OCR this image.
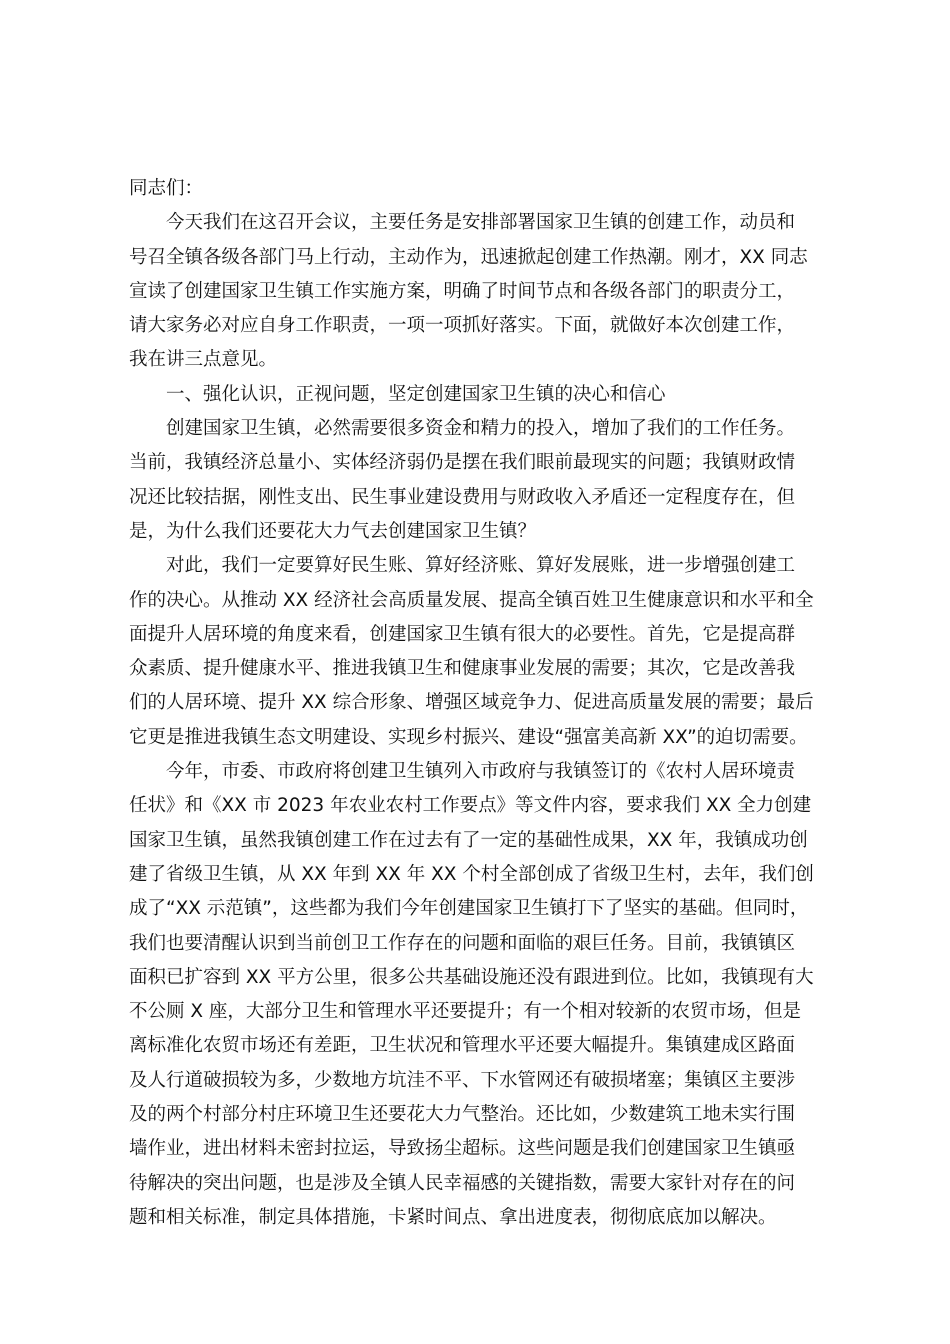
同志们：
　　今天我们在这召开会议，主要任务是安排部署国家卫生镇的创建工作，动员和
号召全镇各级各部门马上行动，主动作为，迅速掀起创建工作热潮。刚才，XX 同志
宣读了创建国家卫生镇工作实施方案，明确了时间节点和各级各部门的职责分工，
请大家务必对应自身工作职责，一项一项抓好落实。下面，就做好本次创建工作，
我在讲三点意见。
　　一、强化认识，正视问题，坚定创建国家卫生镇的决心和信心
　　创建国家卫生镇，必然需要很多资金和精力的投入，增加了我们的工作任务。
当前，我镇经济总量小、实体经济弱仍是摆在我们眼前最现实的问题；我镇财政情
况还比较拮据，刚性支出、民生事业建设费用与财政收入矛盾还一定程度存在，但
是，为什么我们还要花大力气去创建国家卫生镇？
　　对此，我们一定要算好民生账、算好经济账、算好发展账，进一步增强创建工
作的决心。从推动 XX 经济社会高质量发展、提高全镇百姓卫生健康意识和水平和全
面提升人居环境的角度来看，创建国家卫生镇有很大的必要性。首先，它是提高群
众素质、提升健康水平、推进我镇卫生和健康事业发展的需要；其次，它是改善我
们的人居环境、提升 XX 综合形象、增强区域竞争力、促进高质量发展的需要；最后
它更是推进我镇生态文明建设、实现乡村振兴、建设“强富美高新 XX”的迫切需要。
　　今年，市委、市政府将创建卫生镇列入市政府与我镇签订的《农村人居环境责
任状》和《XX 市 2023 年农业农村工作要点》等文件内容，要求我们 XX 全力创建
国家卫生镇，虽然我镇创建工作在过去有了一定的基础性成果，XX 年，我镇成功创
建了省级卫生镇，从 XX 年到 XX 年 XX 个村全部创成了省级卫生村，去年，我们创
成了“XX 示范镇”，这些都为我们今年创建国家卫生镇打下了坚实的基础。但同时，
我们也要清醒认识到当前创卫工作存在的问题和面临的艰巨任务。目前，我镇镇区
面积已扩容到 XX 平方公里，很多公共基础设施还没有跟进到位。比如，我镇现有大
不公厕 X 座，大部分卫生和管理水平还要提升；有一个相对较新的农贸市场，但是
离标准化农贸市场还有差距，卫生状况和管理水平还要大幅提升。集镇建成区路面
及人行道破损较为多，少数地方坑洼不平、下水管网还有破损堵塞；集镇区主要涉
及的两个村部分村庄环境卫生还要花大力气整治。还比如，少数建筑工地未实行围
墙作业，进出材料未密封拉运，导致扬尘超标。这些问题是我们创建国家卫生镇亟
待解决的突出问题，也是涉及全镇人民幸福感的关键指数，需要大家针对存在的问
题和相关标准，制定具体措施，卡紧时间点、拿出进度表，彻彻底底加以解决。
